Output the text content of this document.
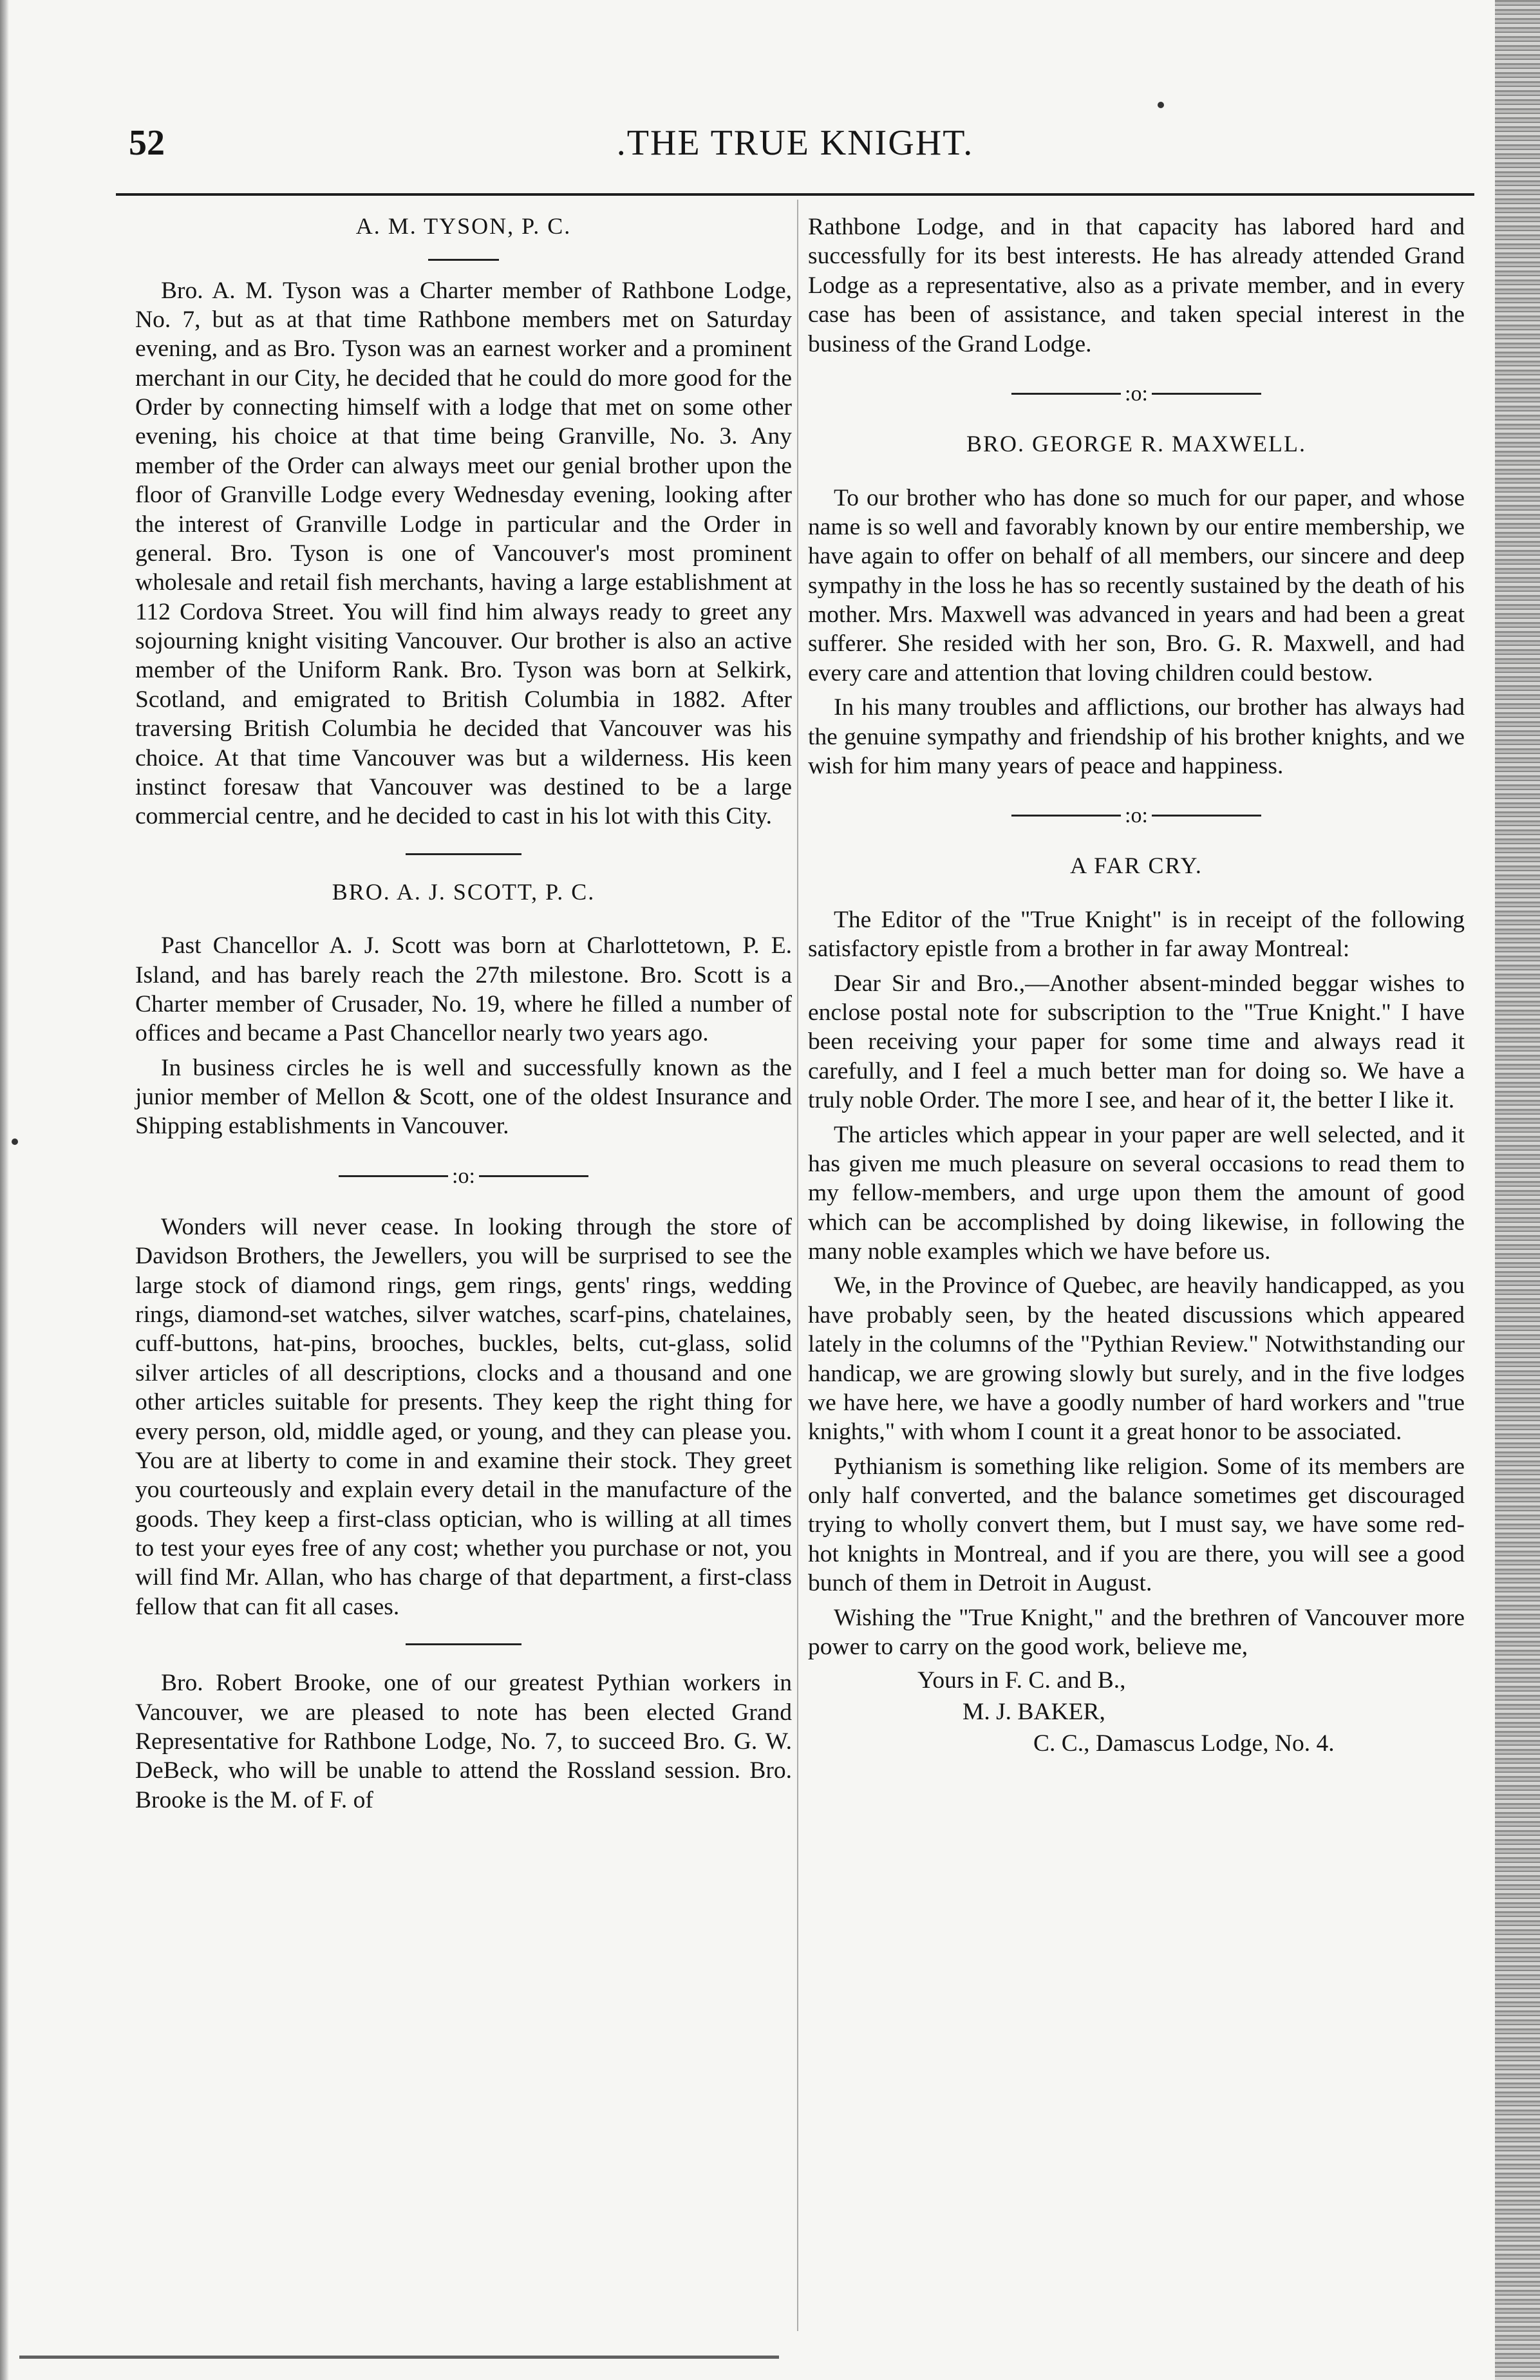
52	.THE TRUE KNIGHT.
A. M. TYSON, P. C.

Bro. A. M. Tyson was a Charter member of Rathbone Lodge, No. 7, but as at that time Rathbone members met on Saturday evening, and as Bro. Tyson was an earnest worker and a prominent merchant in our City, he decided that he could do more good for the Order by connecting himself with a lodge that met on some other evening, his choice at that time being Granville, No. 3. Any member of the Order can always meet our genial brother upon the floor of Granville Lodge every Wednesday evening, looking after the interest of Granville Lodge in particular and the Order in general. Bro. Tyson is one of Vancouver's most prominent wholesale and retail fish merchants, having a large establishment at 112 Cordova Street. You will find him always ready to greet any sojourning knight visiting Vancouver. Our brother is also an active member of the Uniform Rank. Bro. Tyson was born at Selkirk, Scotland, and emigrated to British Columbia in 1882. After traversing British Columbia he decided that Vancouver was his choice. At that time Vancouver was but a wilderness. His keen instinct foresaw that Vancouver was destined to be a large commercial centre, and he decided to cast in his lot with this City.

BRO. A. J. SCOTT, P. C.

Past Chancellor A. J. Scott was born at Charlottetown, P. E. Island, and has barely reach the 27th milestone. Bro. Scott is a Charter member of Crusader, No. 19, where he filled a number of offices and became a Past Chancellor nearly two years ago.

In business circles he is well and successfully known as the junior member of Mellon & Scott, one of the oldest Insurance and Shipping establishments in Vancouver.

:o:

Wonders will never cease. In looking through the store of Davidson Brothers, the Jewellers, you will be surprised to see the large stock of diamond rings, gem rings, gents' rings, wedding rings, diamond-set watches, silver watches, scarf-pins, chatelaines, cuff-buttons, hat-pins, brooches, buckles, belts, cut-glass, solid silver articles of all descriptions, clocks and a thousand and one other articles suitable for presents. They keep the right thing for every person, old, middle aged, or young, and they can please you. You are at liberty to come in and examine their stock. They greet you courteously and explain every detail in the manufacture of the goods. They keep a first-class optician, who is willing at all times to test your eyes free of any cost; whether you purchase or not, you will find Mr. Allan, who has charge of that department, a first-class fellow that can fit all cases.

Bro. Robert Brooke, one of our greatest Pythian workers in Vancouver, we are pleased to note has been elected Grand Representative for Rathbone Lodge, No. 7, to succeed Bro. G. W. DeBeck, who will be unable to attend the Rossland session. Bro. Brooke is the M. of F. of

Rathbone Lodge, and in that capacity has labored hard and successfully for its best interests. He has already attended Grand Lodge as a representative, also as a private member, and in every case has been of assistance, and taken special interest in the business of the Grand Lodge.

:o:
BRO. GEORGE R. MAXWELL.

To our brother who has done so much for our paper, and whose name is so well and favorably known by our entire membership, we have again to offer on behalf of all members, our sincere and deep sympathy in the loss he has so recently sustained by the death of his mother. Mrs. Maxwell was advanced in years and had been a great sufferer. She resided with her son, Bro. G. R. Maxwell, and had every care and attention that loving children could bestow.

In his many troubles and afflictions, our brother has always had the genuine sympathy and friendship of his brother knights, and we wish for him many years of peace and happiness.

:o:
A FAR CRY.

The Editor of the "True Knight" is in receipt of the following satisfactory epistle from a brother in far away Montreal:

Dear Sir and Bro.,—Another absent-minded beggar wishes to enclose postal note for subscription to the "True Knight." I have been receiving your paper for some time and always read it carefully, and I feel a much better man for doing so. We have a truly noble Order. The more I see, and hear of it, the better I like it.

The articles which appear in your paper are well selected, and it has given me much pleasure on several occasions to read them to my fellow-members, and urge upon them the amount of good which can be accomplished by doing likewise, in following the many noble examples which we have before us.

We, in the Province of Quebec, are heavily handicapped, as you have probably seen, by the heated discussions which appeared lately in the columns of the "Pythian Review." Notwithstanding our handicap, we are growing slowly but surely, and in the five lodges we have here, we have a goodly number of hard workers and "true knights," with whom I count it a great honor to be associated.

Pythianism is something like religion. Some of its members are only half converted, and the balance sometimes get discouraged trying to wholly convert them, but I must say, we have some red-hot knights in Montreal, and if you are there, you will see a good bunch of them in Detroit in August.

Wishing the "True Knight," and the brethren of Vancouver more power to carry on the good work, believe me,

Yours in F. C. and B.,
M. J. BAKER,
C. C., Damascus Lodge, No. 4.
